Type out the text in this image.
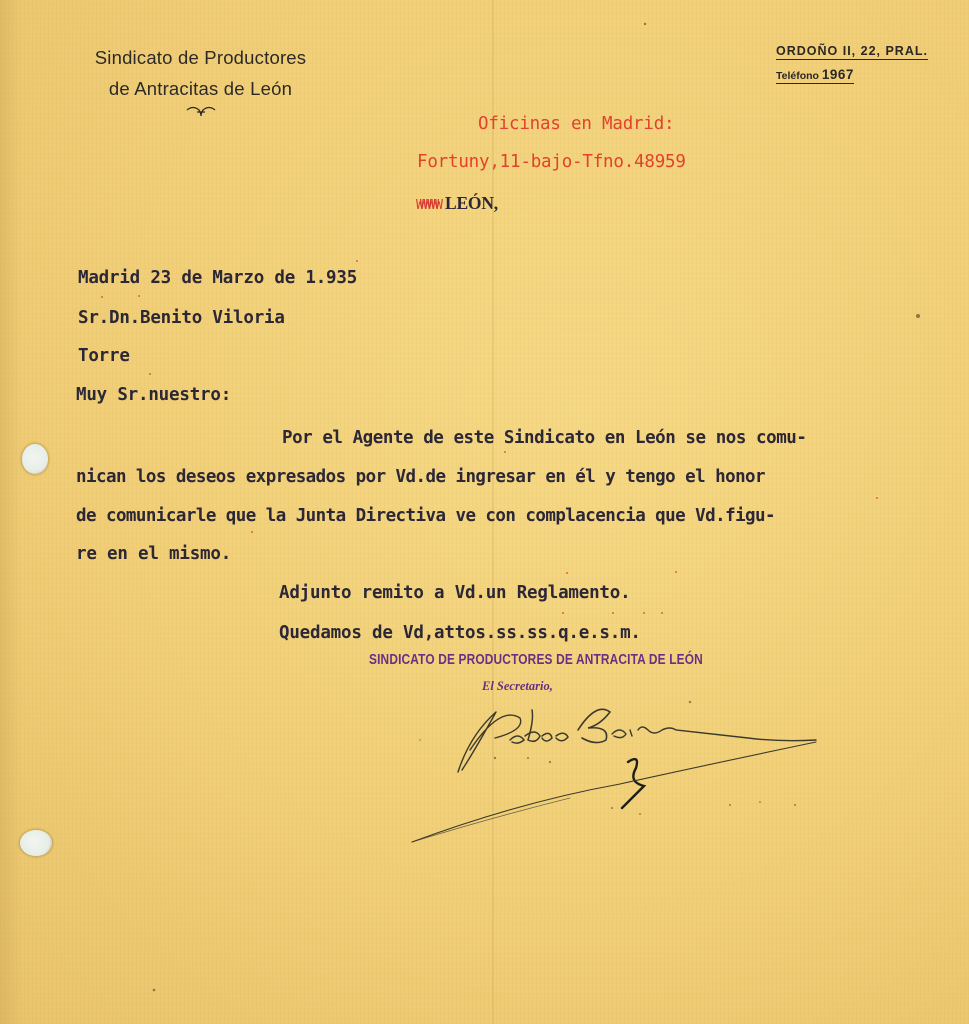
Sindicato de Productores
de Antracitas de León
ORDOÑO II, 22, PRAL.
Teléfono 1967
Oficinas en Madrid:
Fortuny,11-bajo-Tfno.48959
WWWWWW LEÓN,
Madrid 23 de Marzo de 1.935
Sr.Dn.Benito Viloria
Torre
Muy Sr.nuestro:
Por el Agente de este Sindicato en León se nos comu-
nican los deseos expresados por Vd.de ingresar en él y tengo el honor
de comunicarle que la Junta Directiva ve con complacencia que Vd.figu-
re en el mismo.
Adjunto remito a Vd.un Reglamento.
Quedamos de Vd,attos.ss.ss.q.e.s.m.
SINDICATO DE PRODUCTORES DE ANTRACITA DE LEÓN
El Secretario,
